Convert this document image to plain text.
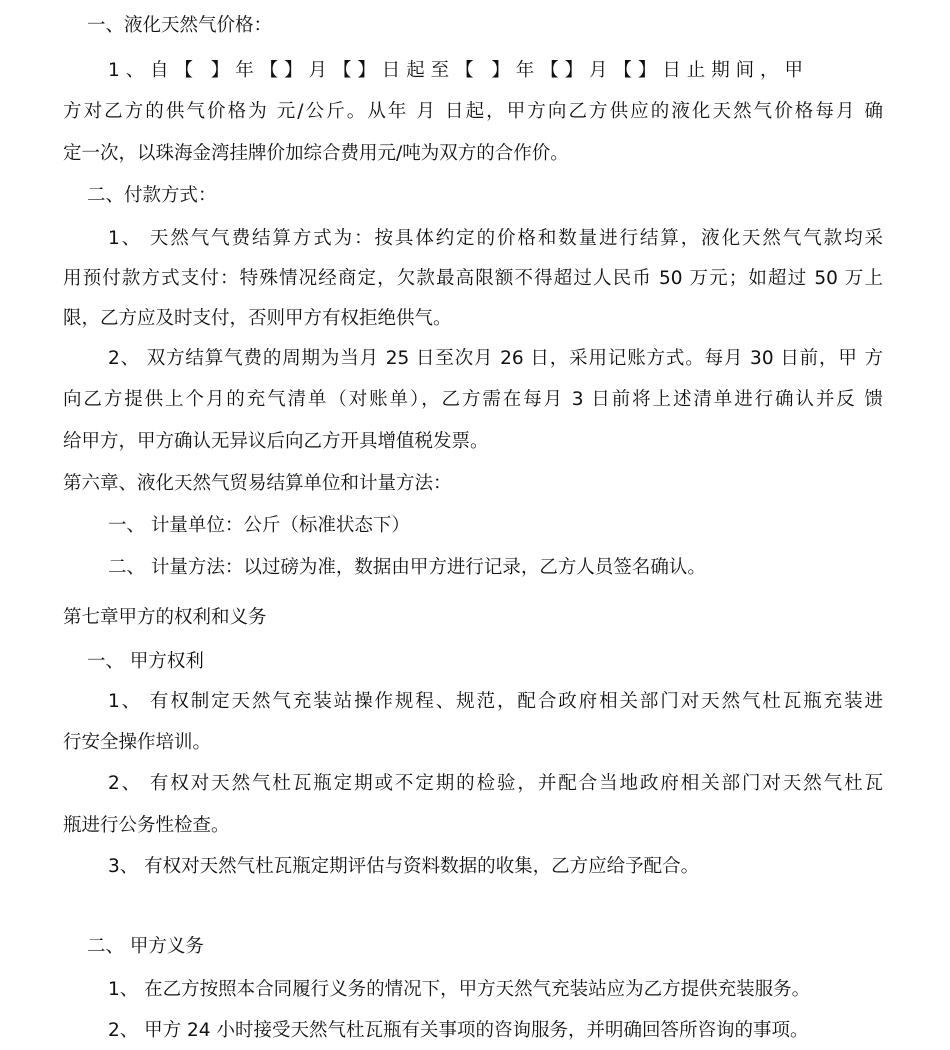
一、液化天然气价格：

1、自【 】年【】月【】日起至【 】年【】月【】日止期间，甲

方对乙方的供气价格为 元/公斤。从年 月 日起，甲方向乙方供应的液化天然气价格每月 确

定一次，以珠海金湾挂牌价加综合费用元/吨为双方的合作价。

二、付款方式：

1、 天然气气费结算方式为：按具体约定的价格和数量进行结算，液化天然气气款均采

用预付款方式支付：特殊情况经商定，欠款最高限额不得超过人民币 50 万元；如超过 50 万上

限，乙方应及时支付，否则甲方有权拒绝供气。

2、 双方结算气费的周期为当月 25 日至次月 26 日，采用记账方式。每月 30 日前，甲 方

向乙方提供上个月的充气清单（对账单），乙方需在每月 3 日前将上述清单进行确认并反 馈

给甲方，甲方确认无异议后向乙方开具增值税发票。

第六章、液化天然气贸易结算单位和计量方法：

一、 计量单位：公斤（标准状态下）

二、 计量方法：以过磅为准，数据由甲方进行记录，乙方人员签名确认。

第七章甲方的权利和义务

一、 甲方权利

1、 有权制定天然气充装站操作规程、规范，配合政府相关部门对天然气杜瓦瓶充装进

行安全操作培训。

2、 有权对天然气杜瓦瓶定期或不定期的检验，并配合当地政府相关部门对天然气杜瓦

瓶进行公务性检查。

3、 有权对天然气杜瓦瓶定期评估与资料数据的收集，乙方应给予配合。

二、 甲方义务

1、 在乙方按照本合同履行义务的情况下，甲方天然气充装站应为乙方提供充装服务。

2、 甲方 24 小时接受天然气杜瓦瓶有关事项的咨询服务，并明确回答所咨询的事项。
